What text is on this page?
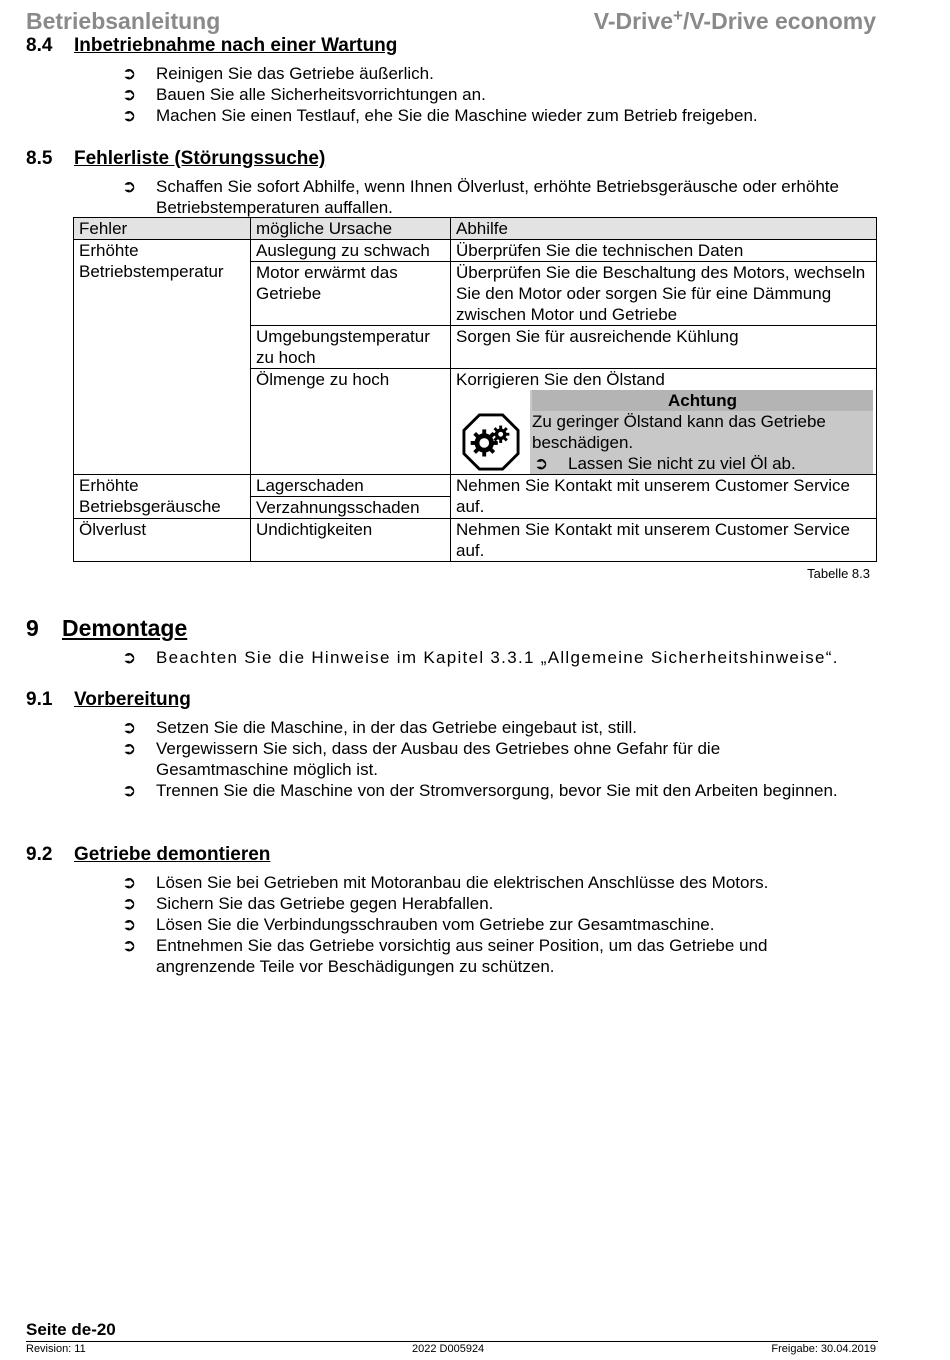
Betriebsanleitung	V-Drive+/V-Drive economy
8.4 Inbetriebnahme nach einer Wartung
➲ Reinigen Sie das Getriebe äußerlich.
➲ Bauen Sie alle Sicherheitsvorrichtungen an.
➲ Machen Sie einen Testlauf, ehe Sie die Maschine wieder zum Betrieb freigeben.
8.5 Fehlerliste (Störungssuche)
➲ Schaffen Sie sofort Abhilfe, wenn Ihnen Ölverlust, erhöhte Betriebsgeräusche oder erhöhte Betriebstemperaturen auffallen.
Fehler	mögliche Ursache	Abhilfe
Erhöhte Betriebstemperatur	Auslegung zu schwach	Überprüfen Sie die technischen Daten
	Motor erwärmt das Getriebe	Überprüfen Sie die Beschaltung des Motors, wechseln Sie den Motor oder sorgen Sie für eine Dämmung zwischen Motor und Getriebe
	Umgebungstemperatur zu hoch	Sorgen Sie für ausreichende Kühlung
	Ölmenge zu hoch	Korrigieren Sie den Ölstand
Achtung
Zu geringer Ölstand kann das Getriebe beschädigen.
➲ Lassen Sie nicht zu viel Öl ab.

Erhöhte Betriebsgeräusche	Lagerschaden	Nehmen Sie Kontakt mit unserem Customer Service auf.
	Verzahnungsschaden	
Ölverlust	Undichtigkeiten	Nehmen Sie Kontakt mit unserem Customer Service auf.
Tabelle 8.3
9 Demontage
➲ Beachten Sie die Hinweise im Kapitel 3.3.1 „Allgemeine Sicherheitshinweise“.
9.1 Vorbereitung
➲ Setzen Sie die Maschine, in der das Getriebe eingebaut ist, still.
➲ Vergewissern Sie sich, dass der Ausbau des Getriebes ohne Gefahr für die Gesamtmaschine möglich ist.
➲ Trennen Sie die Maschine von der Stromversorgung, bevor Sie mit den Arbeiten beginnen.
9.2 Getriebe demontieren
➲ Lösen Sie bei Getrieben mit Motoranbau die elektrischen Anschlüsse des Motors.
➲ Sichern Sie das Getriebe gegen Herabfallen.
➲ Lösen Sie die Verbindungsschrauben vom Getriebe zur Gesamtmaschine.
➲ Entnehmen Sie das Getriebe vorsichtig aus seiner Position, um das Getriebe und angrenzende Teile vor Beschädigungen zu schützen.
Seite de-20
Revision: 11	2022 D005924	Freigabe: 30.04.2019
